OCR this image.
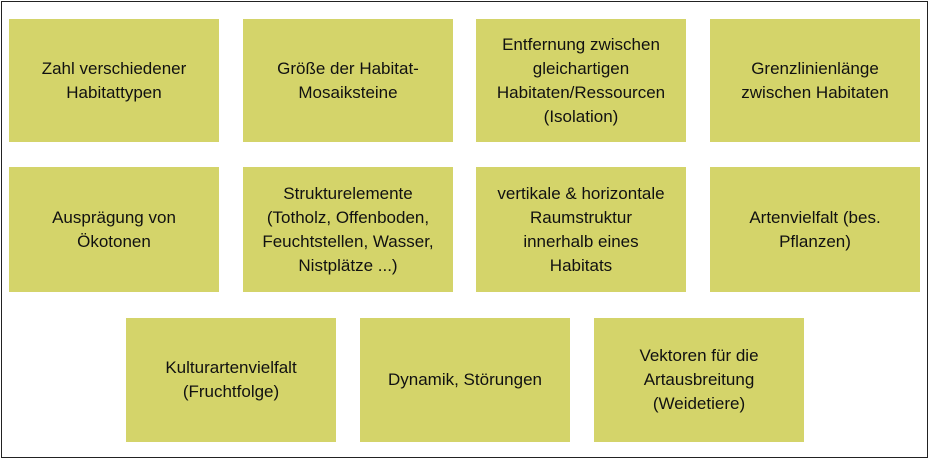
Zahl verschiedener
Habitattypen
Größe der Habitat-
Mosaiksteine
Entfernung zwischen
gleichartigen
Habitaten/Ressourcen
(Isolation)
Grenzlinienlänge
zwischen Habitaten
Ausprägung von
Ökotonen
Strukturelemente
(Totholz, Offenboden,
Feuchtstellen, Wasser,
Nistplätze ...)
vertikale & horizontale
Raumstruktur
innerhalb eines
Habitats
Artenvielfalt (bes.
Pflanzen)
Kulturartenvielfalt
(Fruchtfolge)
Dynamik, Störungen
Vektoren für die
Artausbreitung
(Weidetiere)
